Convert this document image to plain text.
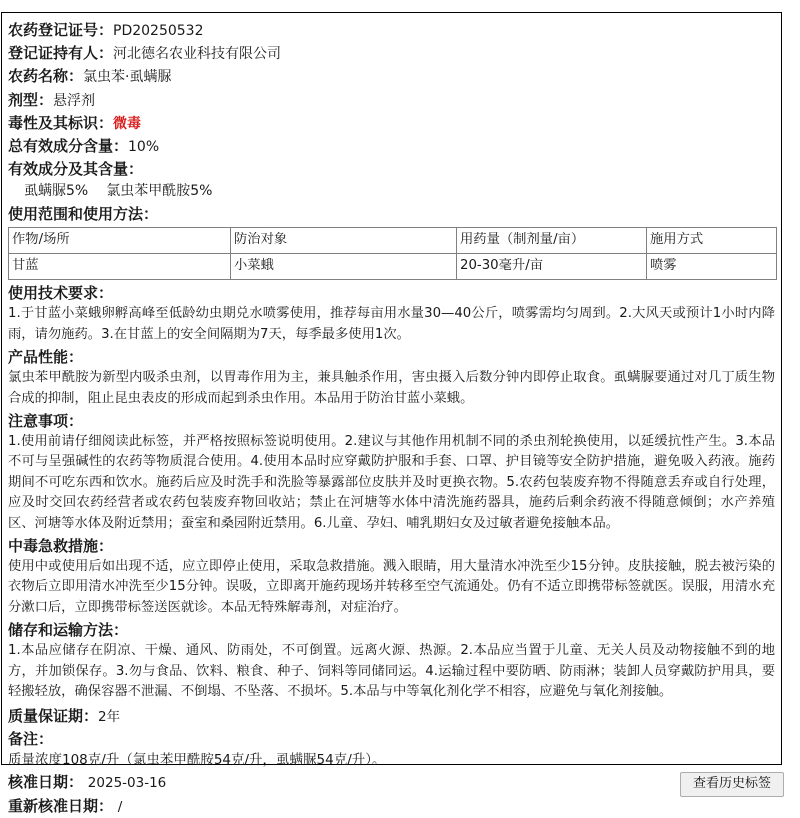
农药登记证号：PD20250532
登记证持有人：河北德名农业科技有限公司
农药名称：氯虫苯·虱螨脲
剂型：悬浮剂
毒性及其标识：微毒
总有效成分含量：10%
有效成分及其含量：
虱螨脲5% 氯虫苯甲酰胺5%
使用范围和使用方法：
作物/场所	防治对象	用药量（制剂量/亩）	施用方式
甘蓝	小菜蛾	20-30毫升/亩	喷雾
使用技术要求：

1.于甘蓝小菜蛾卵孵高峰至低龄幼虫期兑水喷雾使用，推荐每亩用水量30—40公斤，喷雾需均匀周到。2.大风天或预计1小时内降雨，请勿施药。3.在甘蓝上的安全间隔期为7天，每季最多使用1次。

产品性能：

氯虫苯甲酰胺为新型内吸杀虫剂，以胃毒作用为主，兼具触杀作用，害虫摄入后数分钟内即停止取食。虱螨脲要通过对几丁质生物合成的抑制，阻止昆虫表皮的形成而起到杀虫作用。本品用于防治甘蓝小菜蛾。

注意事项：

1.使用前请仔细阅读此标签，并严格按照标签说明使用。2.建议与其他作用机制不同的杀虫剂轮换使用，以延缓抗性产生。3.本品不可与呈强碱性的农药等物质混合使用。4.使用本品时应穿戴防护服和手套、口罩、护目镜等安全防护措施，避免吸入药液。施药期间不可吃东西和饮水。施药后应及时洗手和洗脸等暴露部位皮肤并及时更换衣物。5.农药包装废弃物不得随意丢弃或自行处理，应及时交回农药经营者或农药包装废弃物回收站；禁止在河塘等水体中清洗施药器具，施药后剩余药液不得随意倾倒；水产养殖区、河塘等水体及附近禁用；蚕室和桑园附近禁用。6.儿童、孕妇、哺乳期妇女及过敏者避免接触本品。

中毒急救措施：

使用中或使用后如出现不适，应立即停止使用，采取急救措施。溅入眼睛，用大量清水冲洗至少15分钟。皮肤接触，脱去被污染的衣物后立即用清水冲洗至少15分钟。误吸，立即离开施药现场并转移至空气流通处。仍有不适立即携带标签就医。误服，用清水充分漱口后，立即携带标签送医就诊。本品无特殊解毒剂，对症治疗。

储存和运输方法：

1.本品应储存在阴凉、干燥、通风、防雨处，不可倒置。远离火源、热源。2.本品应当置于儿童、无关人员及动物接触不到的地方，并加锁保存。3.勿与食品、饮料、粮食、种子、饲料等同储同运。4.运输过程中要防晒、防雨淋；装卸人员穿戴防护用具，要轻搬轻放，确保容器不泄漏、不倒塌、不坠落、不损坏。5.本品与中等氧化剂化学不相容，应避免与氧化剂接触。

质量保证期：2年
备注：
质量浓度108克/升（氯虫苯甲酰胺54克/升，虱螨脲54克/升）。
核准日期： 2025-03-16
重新核准日期： /
查看历史标签
